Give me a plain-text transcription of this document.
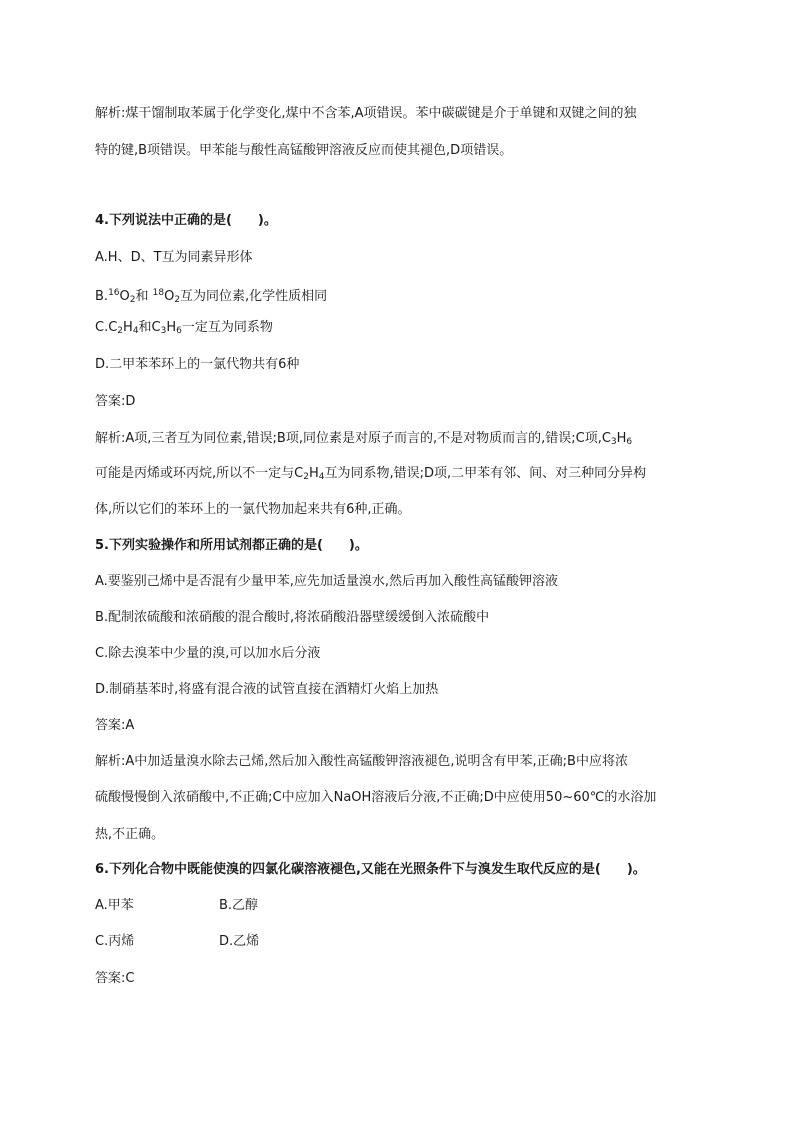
解析:煤干馏制取苯属于化学变化,煤中不含苯,A项错误。苯中碳碳键是介于单键和双键之间的独
特的键,B项错误。甲苯能与酸性高锰酸钾溶液反应而使其褪色,D项错误。
4.下列说法中正确的是(　　)。
A.H、D、T互为同素异形体
$B.^{16}O_2$和 $^{18}O_2$互为同位素,化学性质相同
$C.C_2H_4$和$C_3H_6$一定互为同系物
D.二甲苯苯环上的一氯代物共有6种
答案:D
解析:A项,三者互为同位素,错误;B项,同位素是对原子而言的,不是对物质而言的,错误;C项$,C_3H_6$
可能是丙烯或环丙烷,所以不一定与$C_2H_4$互为同系物,错误;D项,二甲苯有邻、间、对三种同分异构
体,所以它们的苯环上的一氯代物加起来共有6种,正确。
5.下列实验操作和所用试剂都正确的是(　　)。
A.要鉴别己烯中是否混有少量甲苯,应先加适量溴水,然后再加入酸性高锰酸钾溶液
B.配制浓硫酸和浓硝酸的混合酸时,将浓硝酸沿器壁缓缓倒入浓硫酸中
C.除去溴苯中少量的溴,可以加水后分液
D.制硝基苯时,将盛有混合液的试管直接在酒精灯火焰上加热
答案:A
解析:A中加适量溴水除去己烯,然后加入酸性高锰酸钾溶液褪色,说明含有甲苯,正确;B中应将浓
硫酸慢慢倒入浓硝酸中,不正确;C中应加入NaOH溶液后分液,不正确;D中应使用50~60℃的水浴加
热,不正确。
6.下列化合物中既能使溴的四氯化碳溶液褪色,又能在光照条件下与溴发生取代反应的是(　　)。
A.甲苯	B.乙醇
C.丙烯	D.乙烯
答案:C
